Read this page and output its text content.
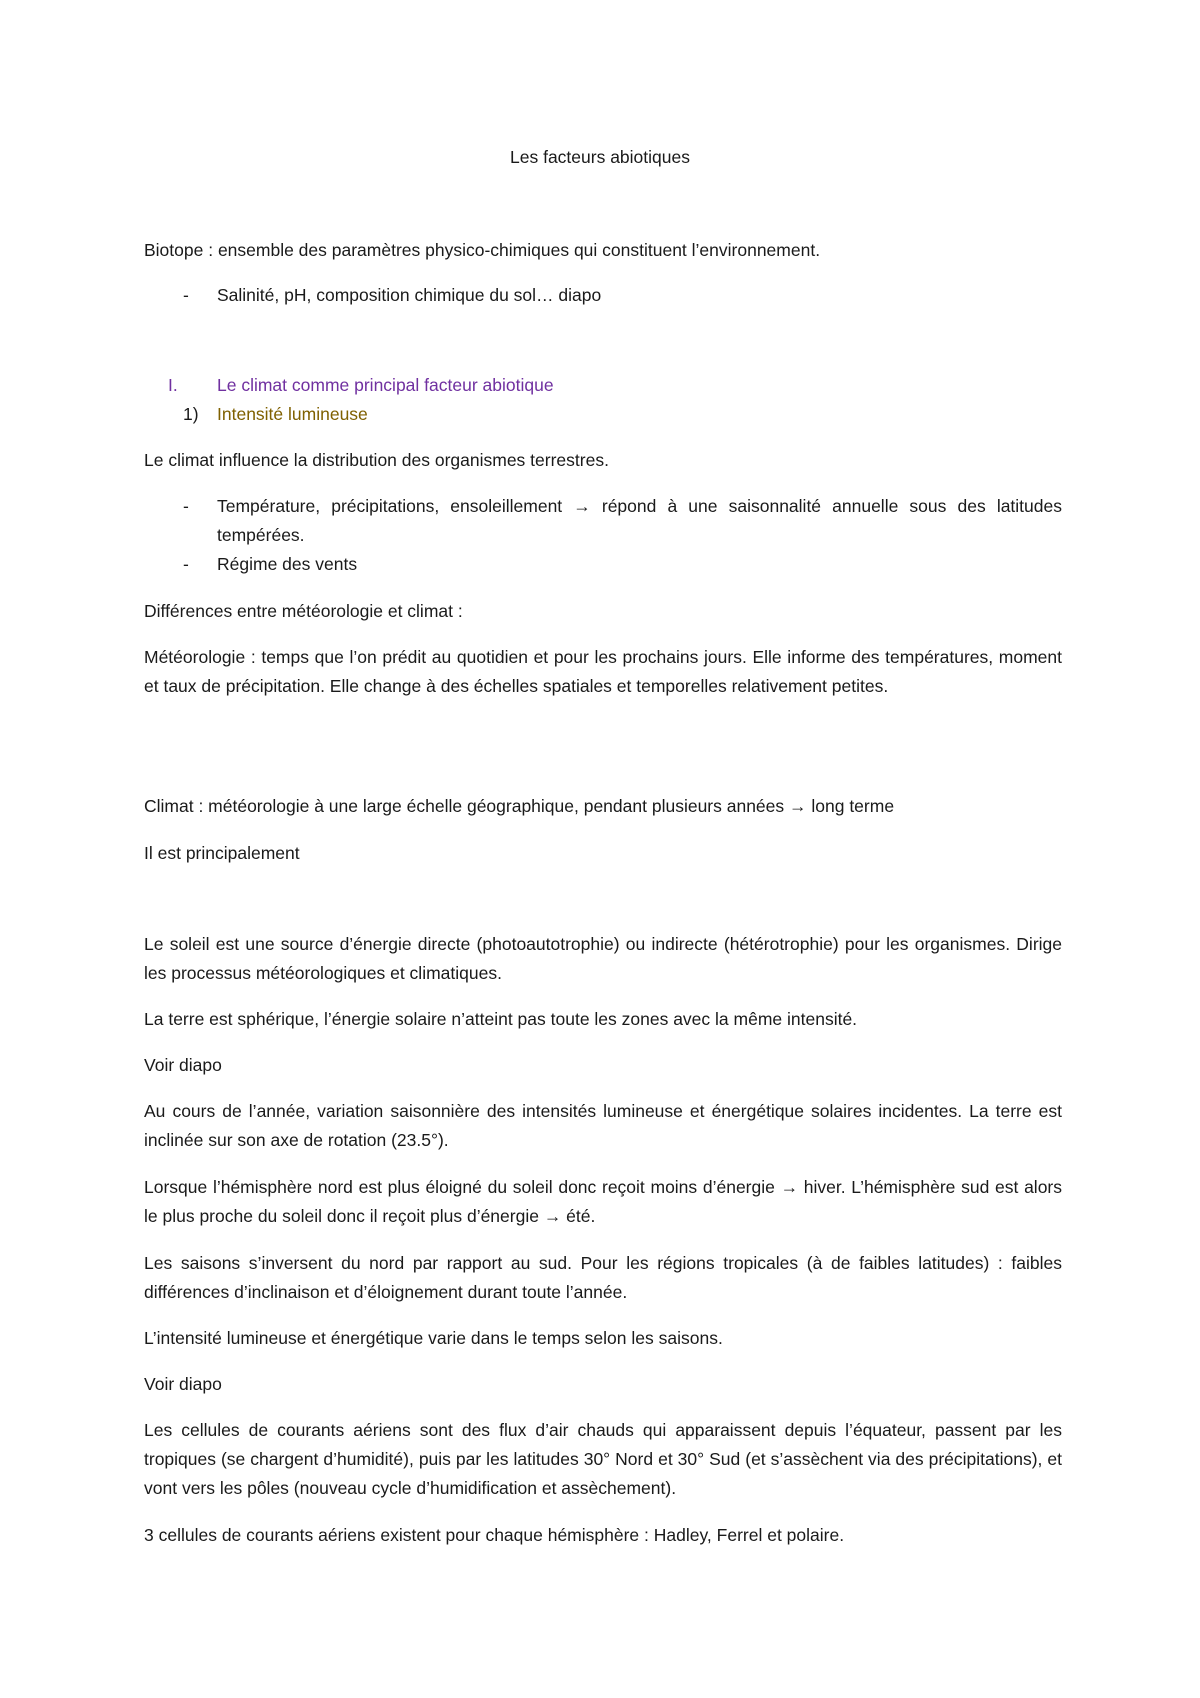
Les facteurs abiotiques
Biotope : ensemble des paramètres physico-chimiques qui constituent l’environnement.
- Salinité, pH, composition chimique du sol… diapo
I. Le climat comme principal facteur abiotique
1) Intensité lumineuse
Le climat influence la distribution des organismes terrestres.
- Température, précipitations, ensoleillement → répond à une saisonnalité annuelle sous des latitudes tempérées.
- Régime des vents
Différences entre météorologie et climat :
Météorologie : temps que l’on prédit au quotidien et pour les prochains jours. Elle informe des températures, moment et taux de précipitation. Elle change à des échelles spatiales et temporelles relativement petites.
Climat : météorologie à une large échelle géographique, pendant plusieurs années → long terme
Il est principalement
Le soleil est une source d’énergie directe (photoautotrophie) ou indirecte (hétérotrophie) pour les organismes. Dirige les processus météorologiques et climatiques.
La terre est sphérique, l’énergie solaire n’atteint pas toute les zones avec la même intensité.
Voir diapo
Au cours de l’année, variation saisonnière des intensités lumineuse et énergétique solaires incidentes. La terre est inclinée sur son axe de rotation (23.5°).
Lorsque l’hémisphère nord est plus éloigné du soleil donc reçoit moins d’énergie → hiver. L’hémisphère sud est alors le plus proche du soleil donc il reçoit plus d’énergie → été.
Les saisons s’inversent du nord par rapport au sud. Pour les régions tropicales (à de faibles latitudes) : faibles différences d’inclinaison et d’éloignement durant toute l’année.
L’intensité lumineuse et énergétique varie dans le temps selon les saisons.
Voir diapo
Les cellules de courants aériens sont des flux d’air chauds qui apparaissent depuis l’équateur, passent par les tropiques (se chargent d’humidité), puis par les latitudes 30° Nord et 30° Sud (et s’assèchent via des précipitations), et vont vers les pôles (nouveau cycle d’humidification et assèchement).
3 cellules de courants aériens existent pour chaque hémisphère : Hadley, Ferrel et polaire.
